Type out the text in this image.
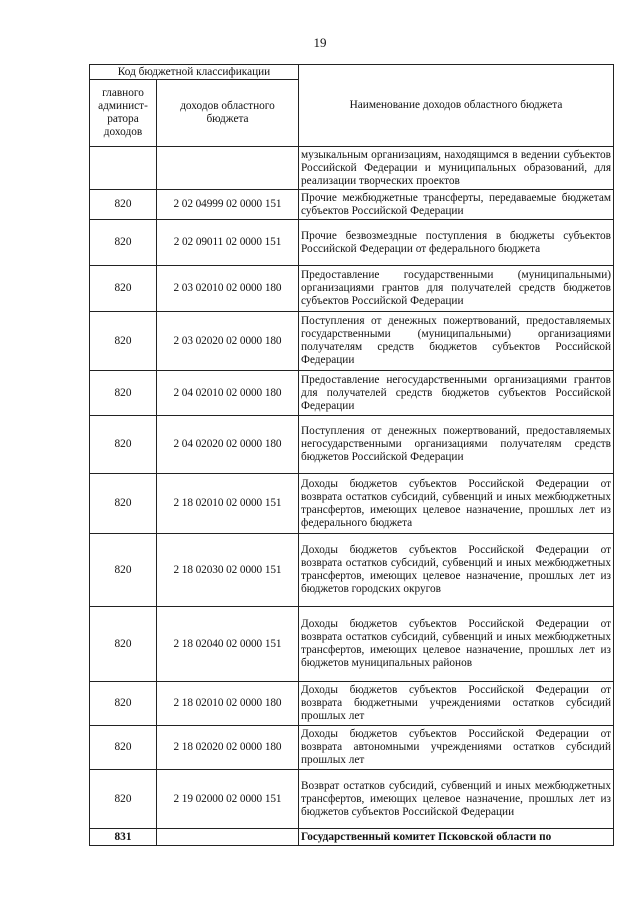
19
Код бюджетной классификации		Наименование доходов областного бюджета
главного админист-ратора доходов	доходов областного бюджета	
		музыкальным организациям, находящимся в ведении субъектов Российской Федерации и муниципальных образований, для реализации творческих проектов
820	2 02 04999 02 0000 151	Прочие межбюджетные трансферты, передаваемые бюджетам субъектов Российской Федерации
820	2 02 09011 02 0000 151	Прочие безвозмездные поступления в бюджеты субъектов Российской Федерации от федерального бюджета
820	2 03 02010 02 0000 180	Предоставление государственными (муниципальными) организациями грантов для получателей средств бюджетов субъектов Российской Федерации
820	2 03 02020 02 0000 180	Поступления от денежных пожертвований, предоставляемых государственными (муниципальными) организациями получателям средств бюджетов субъектов Российской Федерации
820	2 04 02010 02 0000 180	Предоставление негосударственными организациями грантов для получателей средств бюджетов субъектов Российской Федерации
820	2 04 02020 02 0000 180	Поступления от денежных пожертвований, предоставляемых негосударственными организациями получателям средств бюджетов Российской Федерации
820	2 18 02010 02 0000 151	Доходы бюджетов субъектов Российской Федерации от возврата остатков субсидий, субвенций и иных межбюджетных трансфертов, имеющих целевое назначение, прошлых лет из федерального бюджета
820	2 18 02030 02 0000 151	Доходы бюджетов субъектов Российской Федерации от возврата остатков субсидий, субвенций и иных межбюджетных трансфертов, имеющих целевое назначение, прошлых лет из бюджетов городских округов
820	2 18 02040 02 0000 151	Доходы бюджетов субъектов Российской Федерации от возврата остатков субсидий, субвенций и иных межбюджетных трансфертов, имеющих целевое назначение, прошлых лет из бюджетов муниципальных районов
820	2 18 02010 02 0000 180	Доходы бюджетов субъектов Российской Федерации от возврата бюджетными учреждениями остатков субсидий прошлых лет
820	2 18 02020 02 0000 180	Доходы бюджетов субъектов Российской Федерации от возврата автономными учреждениями остатков субсидий прошлых лет
820	2 19 02000 02 0000 151	Возврат остатков субсидий, субвенций и иных межбюджетных трансфертов, имеющих целевое назначение, прошлых лет из бюджетов субъектов Российской Федерации
831		Государственный комитет Псковской области по
